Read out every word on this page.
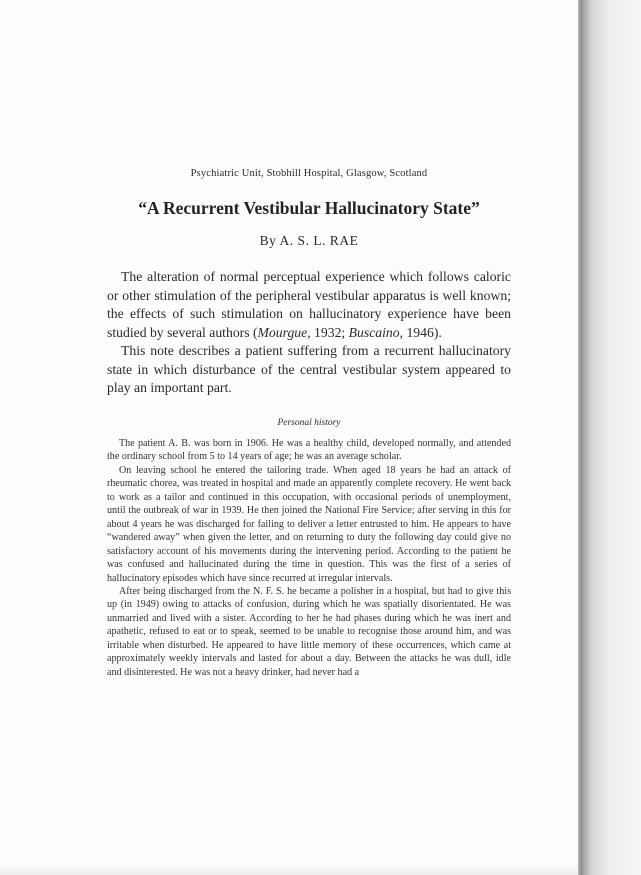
Psychiatric Unit, Stobhill Hospital, Glasgow, Scotland
“A Recurrent Vestibular Hallucinatory State”
By A. S. L. RAE

The alteration of normal perceptual experience which follows caloric or other stimulation of the peripheral vestibular apparatus is well known; the effects of such stimulation on hallucinatory experience have been studied by several authors (Mourgue, 1932; Buscaino, 1946).

This note describes a patient suffering from a recurrent hallucinatory state in which disturbance of the central vestibular system appeared to play an important part.

Personal history

The patient A. B. was born in 1906. He was a healthy child, developed normally, and attended the ordinary school from 5 to 14 years of age; he was an average scholar.

On leaving school he entered the tailoring trade. When aged 18 years he had an attack of rheumatic chorea, was treated in hospital and made an apparently complete recovery. He went back to work as a tailor and continued in this occupation, with occasional periods of unemployment, until the outbreak of war in 1939. He then joined the National Fire Service; after serving in this for about 4 years he was discharged for failing to deliver a letter entrusted to him. He appears to have “wandered away” when given the letter, and on returning to duty the following day could give no satisfactory account of his movements during the intervening period. According to the patient he was confused and hallucinated during the time in question. This was the first of a series of hallucinatory episodes which have since recurred at irregular intervals.

After being discharged from the N. F. S. he became a polisher in a hospital, but had to give this up (in 1949) owing to attacks of confusion, during which he was spatially disorientated. He was unmarried and lived with a sister. According to her he had phases during which he was inert and apathetic, refused to eat or to speak, seemed to be unable to recognise those around him, and was irritable when disturbed. He appeared to have little memory of these occurrences, which came at approximately weekly intervals and lasted for about a day. Between the attacks he was dull, idle and disinterested. He was not a heavy drinker, had never had a
